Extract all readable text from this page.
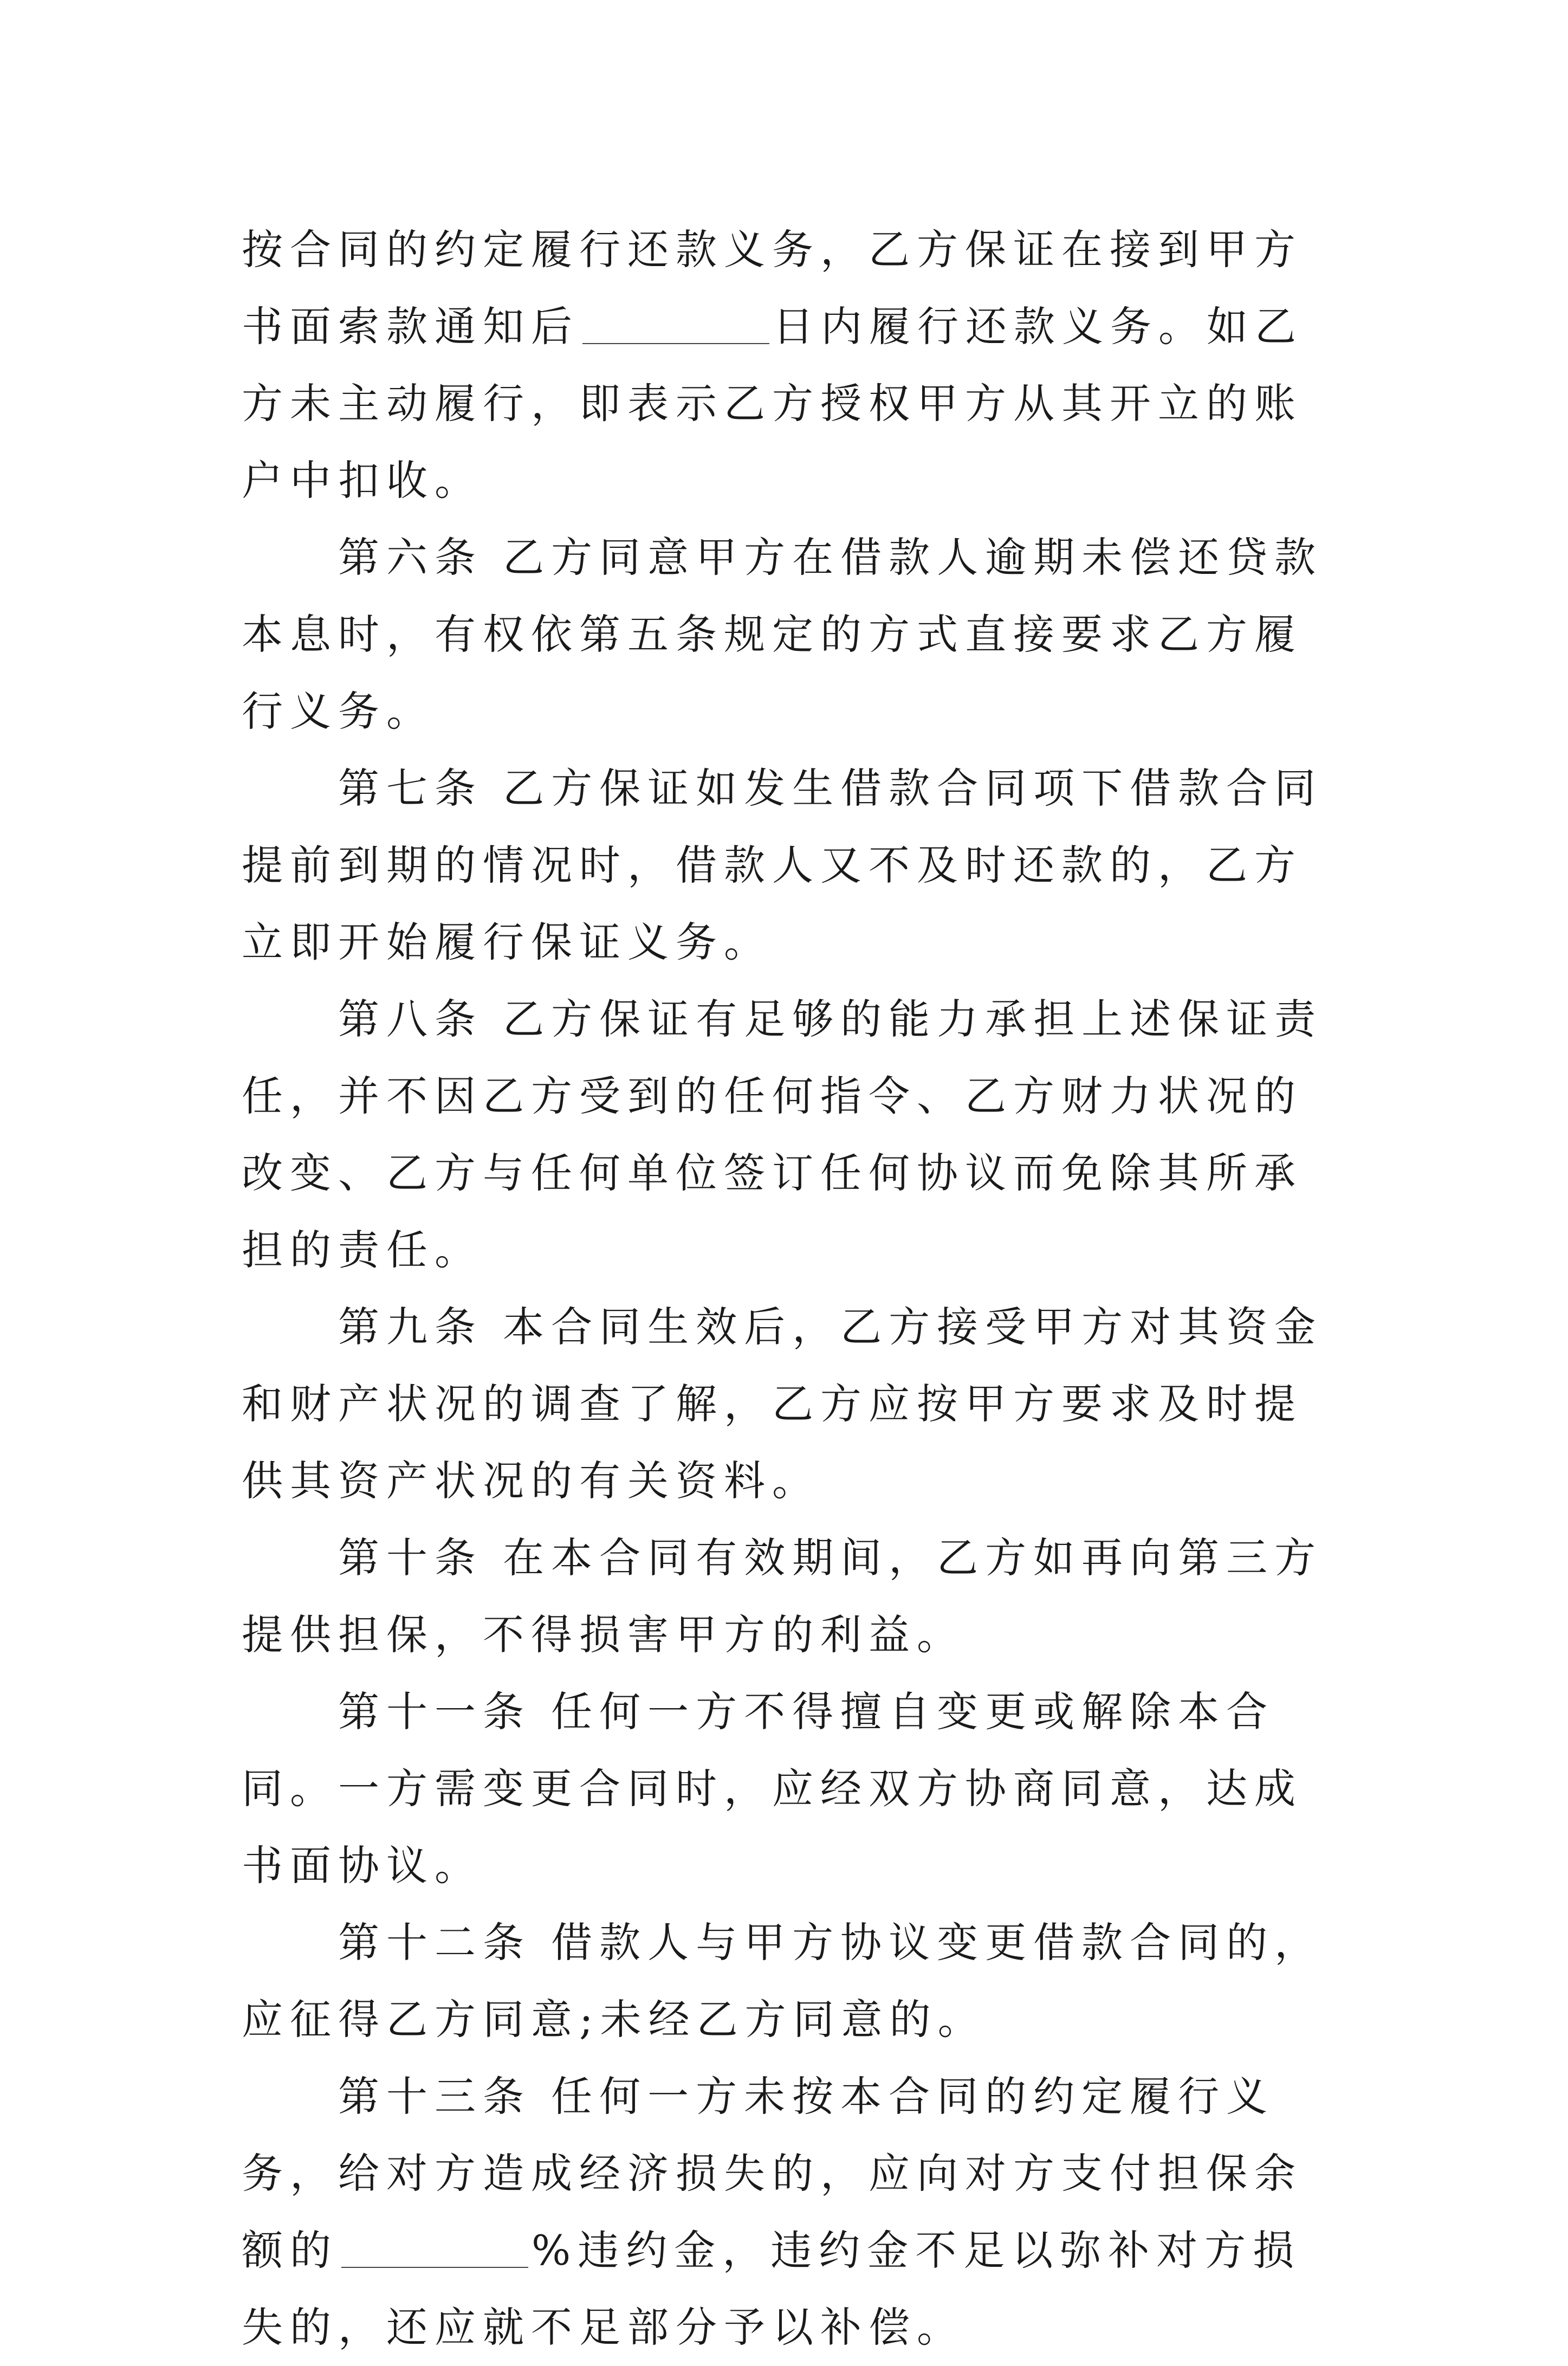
按合同的约定履行还款义务，乙方保证在接到甲方书面索款通知后	日内履行还款义务。如乙方未主动履行，即表示乙方授权甲方从其开立的账户中扣收。

第六条 乙方同意甲方在借款人逾期未偿还贷款本息时，有权依第五条规定的方式直接要求乙方履行义务。

第七条 乙方保证如发生借款合同项下借款合同提前到期的情况时，借款人又不及时还款的，乙方立即开始履行保证义务。

第八条 乙方保证有足够的能力承担上述保证责任，并不因乙方受到的任何指令、乙方财力状况的改变、乙方与任何单位签订任何协议而免除其所承担的责任。

第九条 本合同生效后，乙方接受甲方对其资金和财产状况的调查了解，乙方应按甲方要求及时提供其资产状况的有关资料。

第十条 在本合同有效期间，乙方如再向第三方提供担保，不得损害甲方的利益。

第十一条 任何一方不得擅自变更或解除本合同。一方需变更合同时，应经双方协商同意，达成书面协议。

第十二条 借款人与甲方协议变更借款合同的，应征得乙方同意;未经乙方同意的。

第十三条 任何一方未按本合同的约定履行义务，给对方造成经济损失的，应向对方支付担保余额的	%违约金，违约金不足以弥补对方损失的，还应就不足部分予以补偿。
